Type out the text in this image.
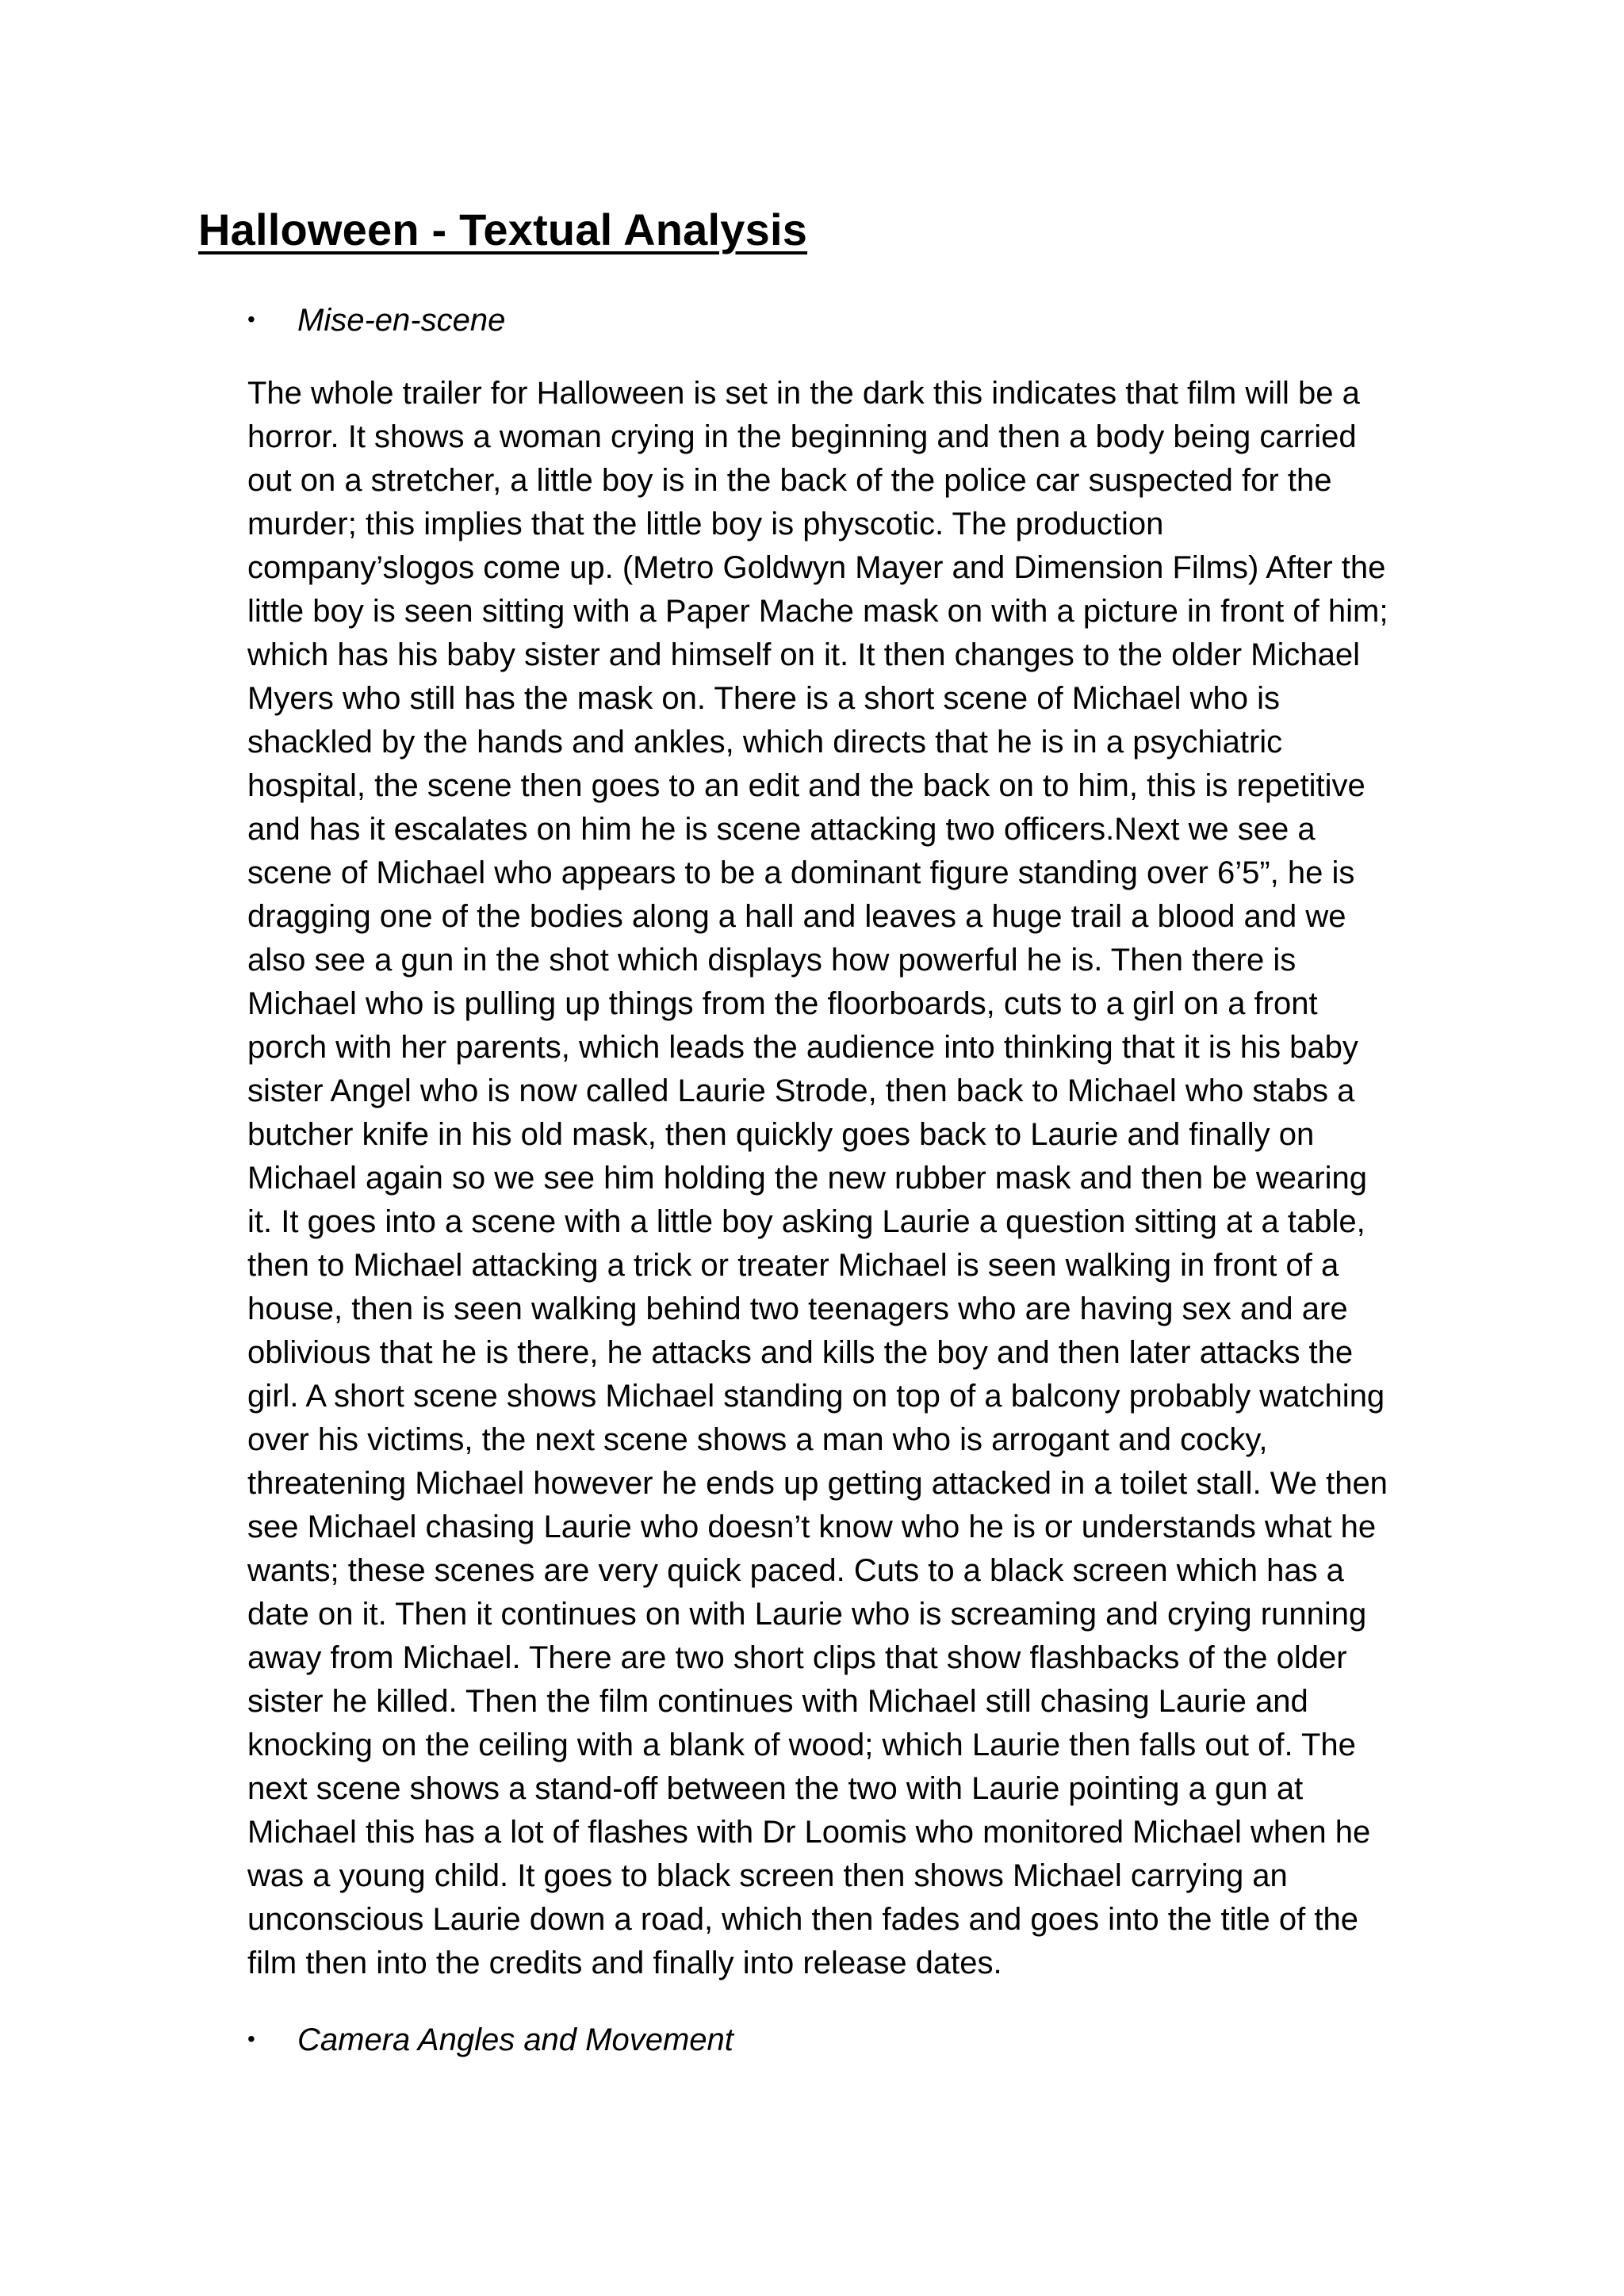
Halloween - Textual Analysis
• Mise-en-scene

The whole trailer for Halloween is set in the dark this indicates that film will be a
horror. It shows a woman crying in the beginning and then a body being carried
out on a stretcher, a little boy is in the back of the police car suspected for the
murder; this implies that the little boy is physcotic. The production
company’slogos come up. (Metro Goldwyn Mayer and Dimension Films) After the
little boy is seen sitting with a Paper Mache mask on with a picture in front of him;
which has his baby sister and himself on it. It then changes to the older Michael
Myers who still has the mask on. There is a short scene of Michael who is
shackled by the hands and ankles, which directs that he is in a psychiatric
hospital, the scene then goes to an edit and the back on to him, this is repetitive
and has it escalates on him he is scene attacking two officers.Next we see a
scene of Michael who appears to be a dominant figure standing over 6’5”, he is
dragging one of the bodies along a hall and leaves a huge trail a blood and we
also see a gun in the shot which displays how powerful he is. Then there is
Michael who is pulling up things from the floorboards, cuts to a girl on a front
porch with her parents, which leads the audience into thinking that it is his baby
sister Angel who is now called Laurie Strode, then back to Michael who stabs a
butcher knife in his old mask, then quickly goes back to Laurie and finally on
Michael again so we see him holding the new rubber mask and then be wearing
it. It goes into a scene with a little boy asking Laurie a question sitting at a table,
then to Michael attacking a trick or treater Michael is seen walking in front of a
house, then is seen walking behind two teenagers who are having sex and are
oblivious that he is there, he attacks and kills the boy and then later attacks the
girl. A short scene shows Michael standing on top of a balcony probably watching
over his victims, the next scene shows a man who is arrogant and cocky,
threatening Michael however he ends up getting attacked in a toilet stall. We then
see Michael chasing Laurie who doesn’t know who he is or understands what he
wants; these scenes are very quick paced. Cuts to a black screen which has a
date on it. Then it continues on with Laurie who is screaming and crying running
away from Michael. There are two short clips that show flashbacks of the older
sister he killed. Then the film continues with Michael still chasing Laurie and
knocking on the ceiling with a blank of wood; which Laurie then falls out of. The
next scene shows a stand-off between the two with Laurie pointing a gun at
Michael this has a lot of flashes with Dr Loomis who monitored Michael when he
was a young child. It goes to black screen then shows Michael carrying an
unconscious Laurie down a road, which then fades and goes into the title of the
film then into the credits and finally into release dates.

• Camera Angles and Movement
